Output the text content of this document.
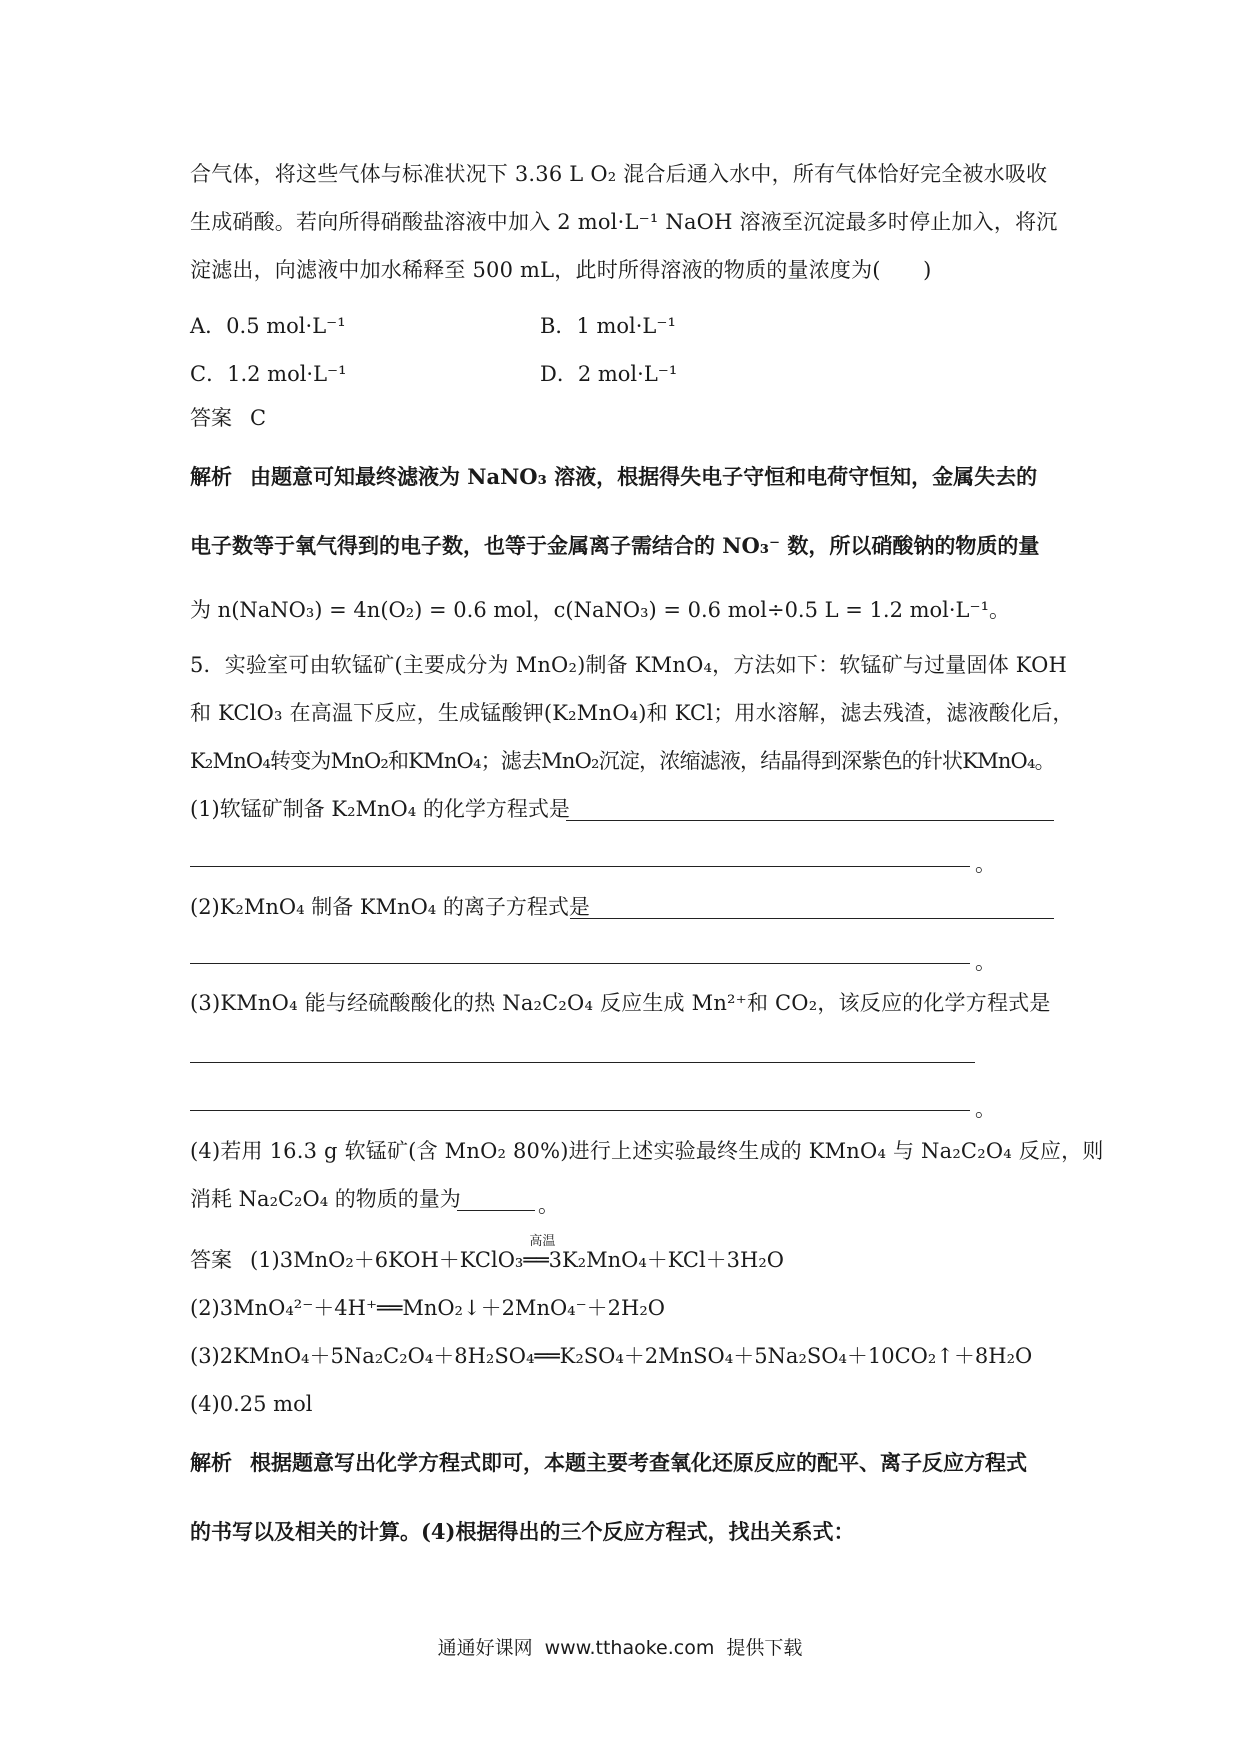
合气体，将这些气体与标准状况下 3.36 L O₂ 混合后通入水中，所有气体恰好完全被水吸收
生成硝酸。若向所得硝酸盐溶液中加入 2 mol·L⁻¹ NaOH 溶液至沉淀最多时停止加入，将沉
淀滤出，向滤液中加水稀释至 500 mL，此时所得溶液的物质的量浓度为(　　)
A．0.5 mol·L⁻¹	B．1 mol·L⁻¹
C．1.2 mol·L⁻¹	D．2 mol·L⁻¹
答案 C
解析 由题意可知最终滤液为 NaNO₃ 溶液，根据得失电子守恒和电荷守恒知，金属失去的
电子数等于氧气得到的电子数，也等于金属离子需结合的 NO₃⁻ 数，所以硝酸钠的物质的量
为 n(NaNO₃) = 4n(O₂) = 0.6 mol，c(NaNO₃) = 0.6 mol÷0.5 L = 1.2 mol·L⁻¹。
5．实验室可由软锰矿(主要成分为 MnO₂)制备 KMnO₄，方法如下：软锰矿与过量固体 KOH
和 KClO₃ 在高温下反应，生成锰酸钾(K₂MnO₄)和 KCl；用水溶解，滤去残渣，滤液酸化后，
K₂MnO₄转变为MnO₂和KMnO₄；滤去MnO₂沉淀，浓缩滤液，结晶得到深紫色的针状KMnO₄。
(1)软锰矿制备 K₂MnO₄ 的化学方程式是
。
(2)K₂MnO₄ 制备 KMnO₄ 的离子方程式是
。
(3)KMnO₄ 能与经硫酸酸化的热 Na₂C₂O₄ 反应生成 Mn²⁺和 CO₂，该反应的化学方程式是
。
(4)若用 16.3 g 软锰矿(含 MnO₂ 80%)进行上述实验最终生成的 KMnO₄ 与 Na₂C₂O₄ 反应，则
消耗 Na₂C₂O₄ 的物质的量为	。
答案 (1)3MnO₂＋6KOH＋KClO₃
高温
══3K₂MnO₄＋KCl＋3H₂O
(2)3MnO₄²⁻＋4H⁺══MnO₂↓＋2MnO₄⁻＋2H₂O
(3)2KMnO₄＋5Na₂C₂O₄＋8H₂SO₄══K₂SO₄＋2MnSO₄＋5Na₂SO₄＋10CO₂↑＋8H₂O
(4)0.25 mol
解析 根据题意写出化学方程式即可，本题主要考查氧化还原反应的配平、离子反应方程式
的书写以及相关的计算。(4)根据得出的三个反应方程式，找出关系式：
通通好课网 www.tthaoke.com 提供下载
